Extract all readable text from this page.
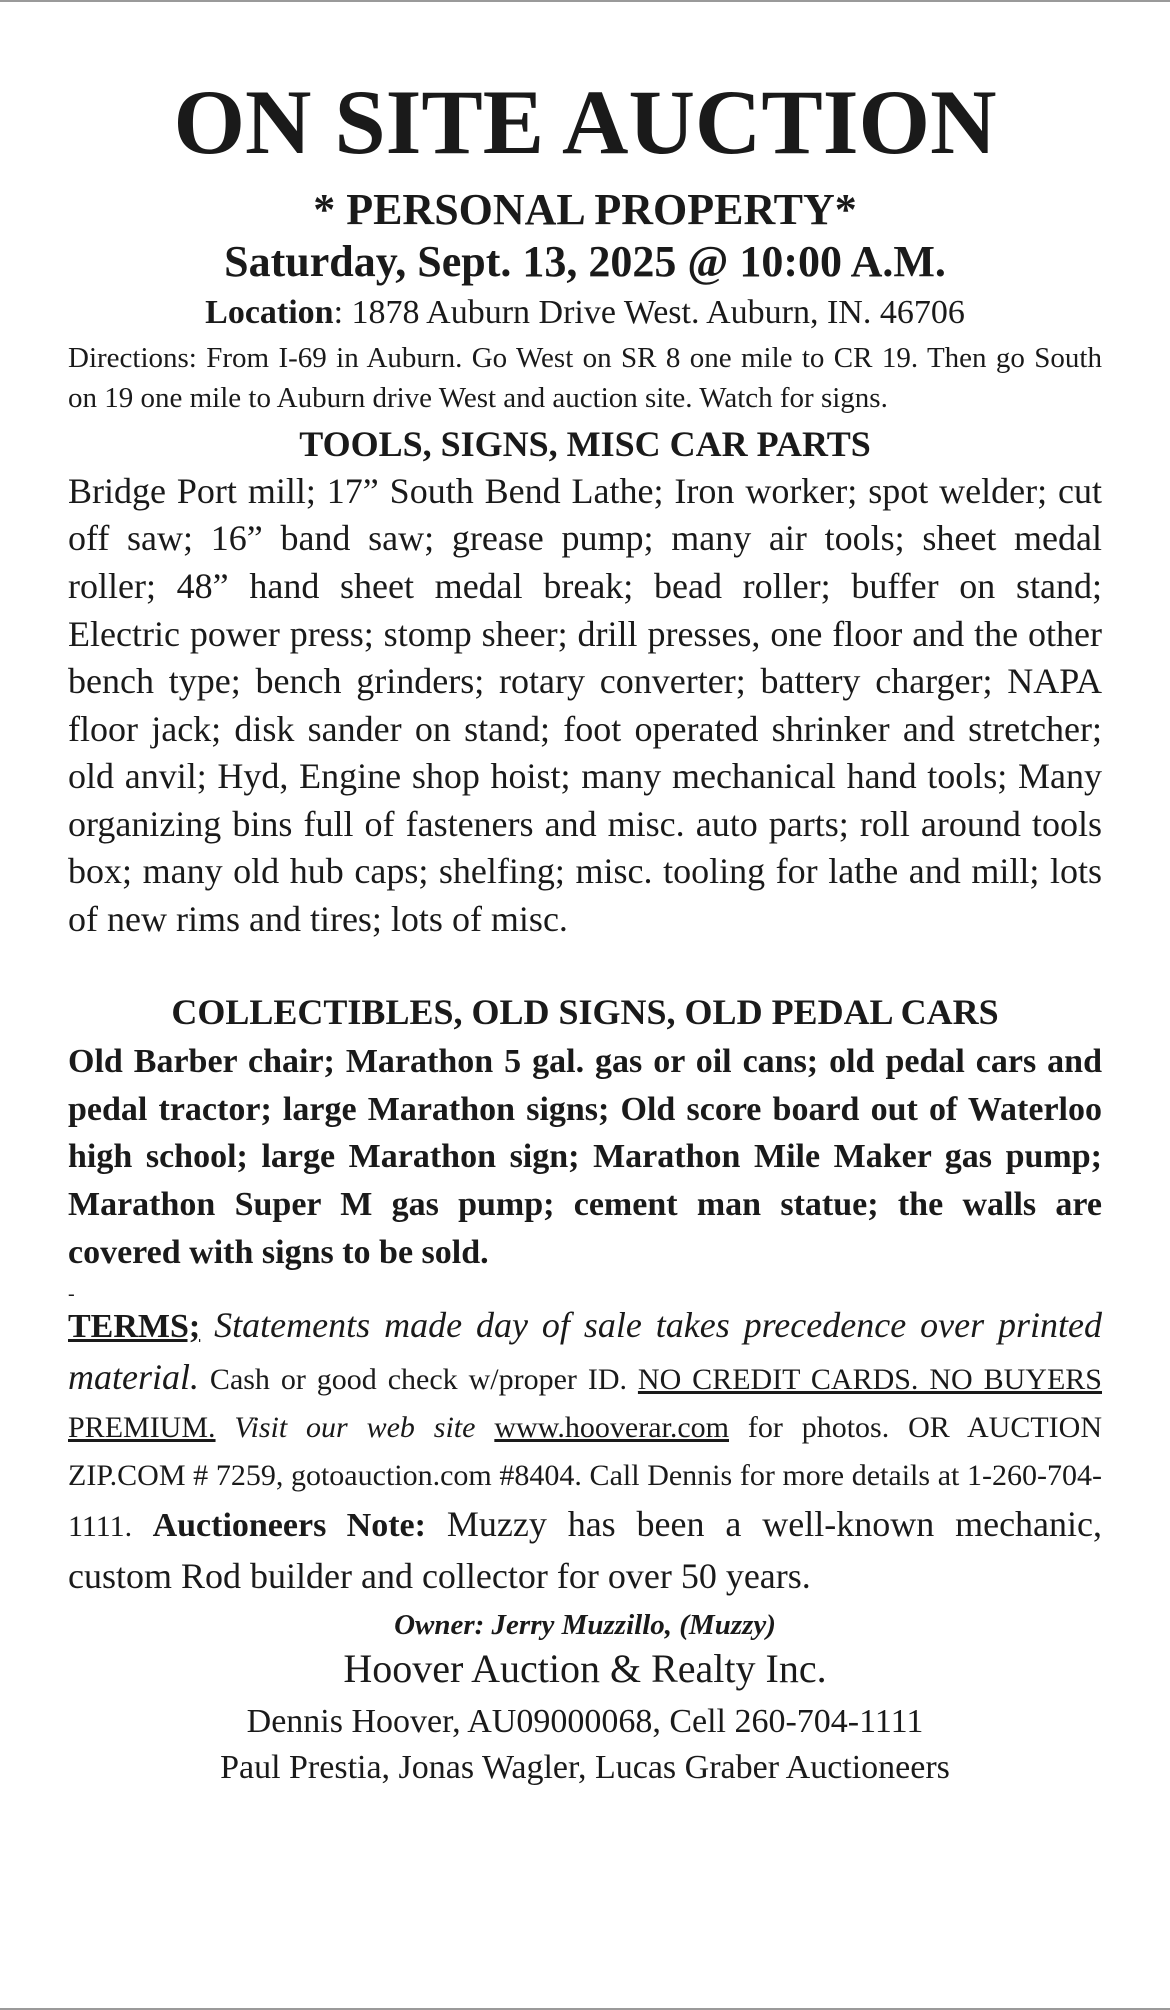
ON SITE AUCTION
* PERSONAL PROPERTY*
Saturday, Sept. 13, 2025 @ 10:00 A.M.
Location: 1878 Auburn Drive West. Auburn, IN. 46706
Directions: From I-69 in Auburn. Go West on SR 8 one mile to CR 19. Then go South on 19 one mile to Auburn drive West and auction site. Watch for signs.
TOOLS, SIGNS, MISC CAR PARTS
Bridge Port mill; 17” South Bend Lathe; Iron worker; spot welder; cut off saw; 16” band saw; grease pump; many air tools; sheet medal roller; 48” hand sheet medal break; bead roller; buffer on stand; Electric power press; stomp sheer; drill presses, one floor and the other bench type; bench grinders; rotary converter; battery charger; NAPA floor jack; disk sander on stand; foot operated shrinker and stretcher; old anvil; Hyd, Engine shop hoist; many mechanical hand tools; Many organizing bins full of fasteners and misc. auto parts; roll around tools box; many old hub caps; shelfing; misc. tooling for lathe and mill; lots of new rims and tires; lots of misc.
COLLECTIBLES, OLD SIGNS, OLD PEDAL CARS
Old Barber chair; Marathon 5 gal. gas or oil cans; old pedal cars and pedal tractor; large Marathon signs; Old score board out of Waterloo high school; large Marathon sign; Marathon Mile Maker gas pump; Marathon Super M gas pump; cement man statue; the walls are covered with signs to be sold.
-
TERMS; Statements made day of sale takes precedence over printed material. Cash or good check w/proper ID. NO CREDIT CARDS. NO BUYERS PREMIUM. Visit our web site www.hooverar.com for photos. OR AUCTION ZIP.COM # 7259, gotoauction.com #8404. Call Dennis for more details at 1-260-704-1111. Auctioneers Note: Muzzy has been a well-known mechanic, custom Rod builder and collector for over 50 years.
Owner: Jerry Muzzillo, (Muzzy)
Hoover Auction & Realty Inc.
Dennis Hoover, AU09000068, Cell 260-704-1111
Paul Prestia, Jonas Wagler, Lucas Graber Auctioneers
